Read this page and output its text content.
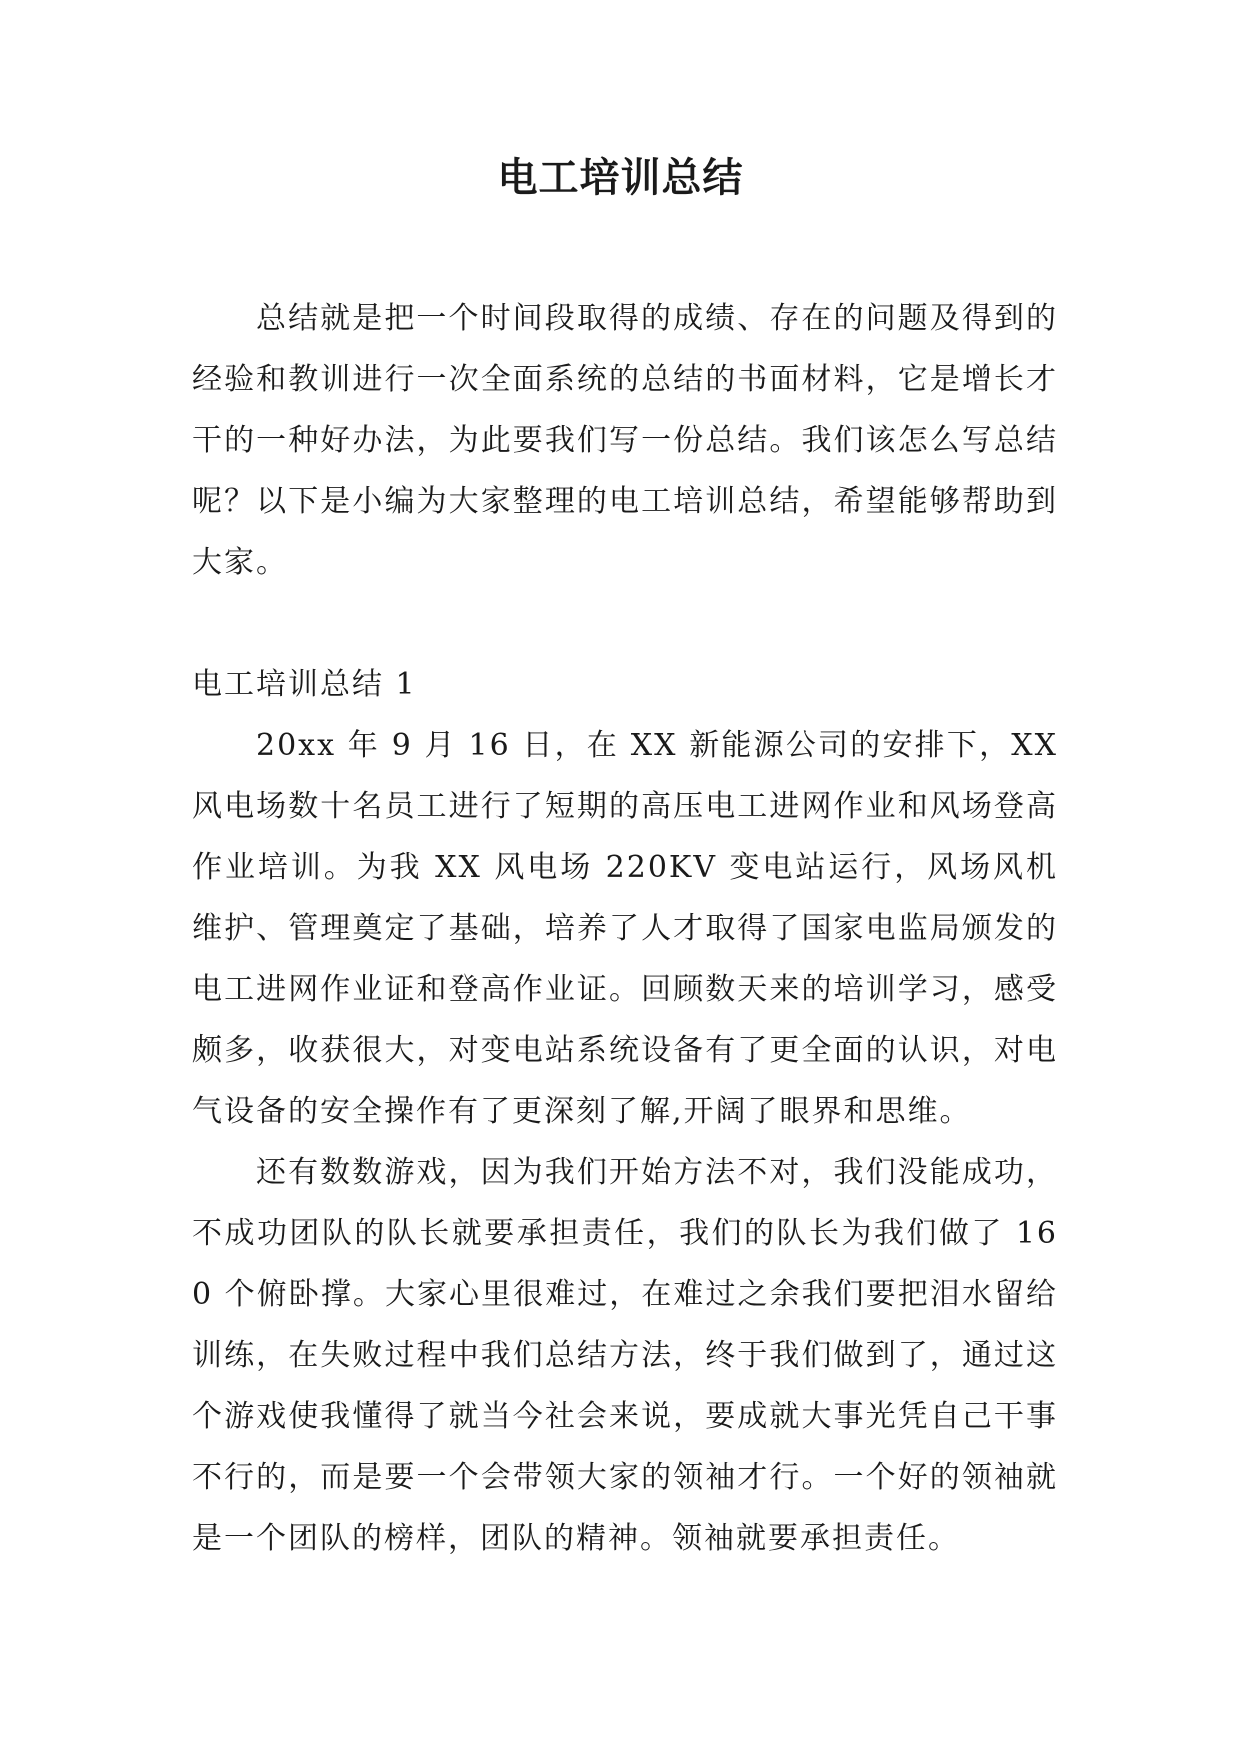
电工培训总结

总结就是把一个时间段取得的成绩、存在的问题及得到的经验和教训进行一次全面系统的总结的书面材料，它是增长才干的一种好办法，为此要我们写一份总结。我们该怎么写总结呢？以下是小编为大家整理的电工培训总结，希望能够帮助到大家。

电工培训总结 1

20xx 年 9 月 16 日，在 XX 新能源公司的安排下，XX 风电场数十名员工进行了短期的高压电工进网作业和风场登高作业培训。为我 XX 风电场 220KV 变电站运行，风场风机维护、管理奠定了基础，培养了人才取得了国家电监局颁发的电工进网作业证和登高作业证。回顾数天来的培训学习，感受颇多，收获很大，对变电站系统设备有了更全面的认识，对电气设备的安全操作有了更深刻了解,开阔了眼界和思维。

还有数数游戏，因为我们开始方法不对，我们没能成功，不成功团队的队长就要承担责任，我们的队长为我们做了 160 个俯卧撑。大家心里很难过，在难过之余我们要把泪水留给训练，在失败过程中我们总结方法，终于我们做到了，通过这个游戏使我懂得了就当今社会来说，要成就大事光凭自己干事不行的，而是要一个会带领大家的领袖才行。一个好的领袖就是一个团队的榜样，团队的精神。领袖就要承担责任。
